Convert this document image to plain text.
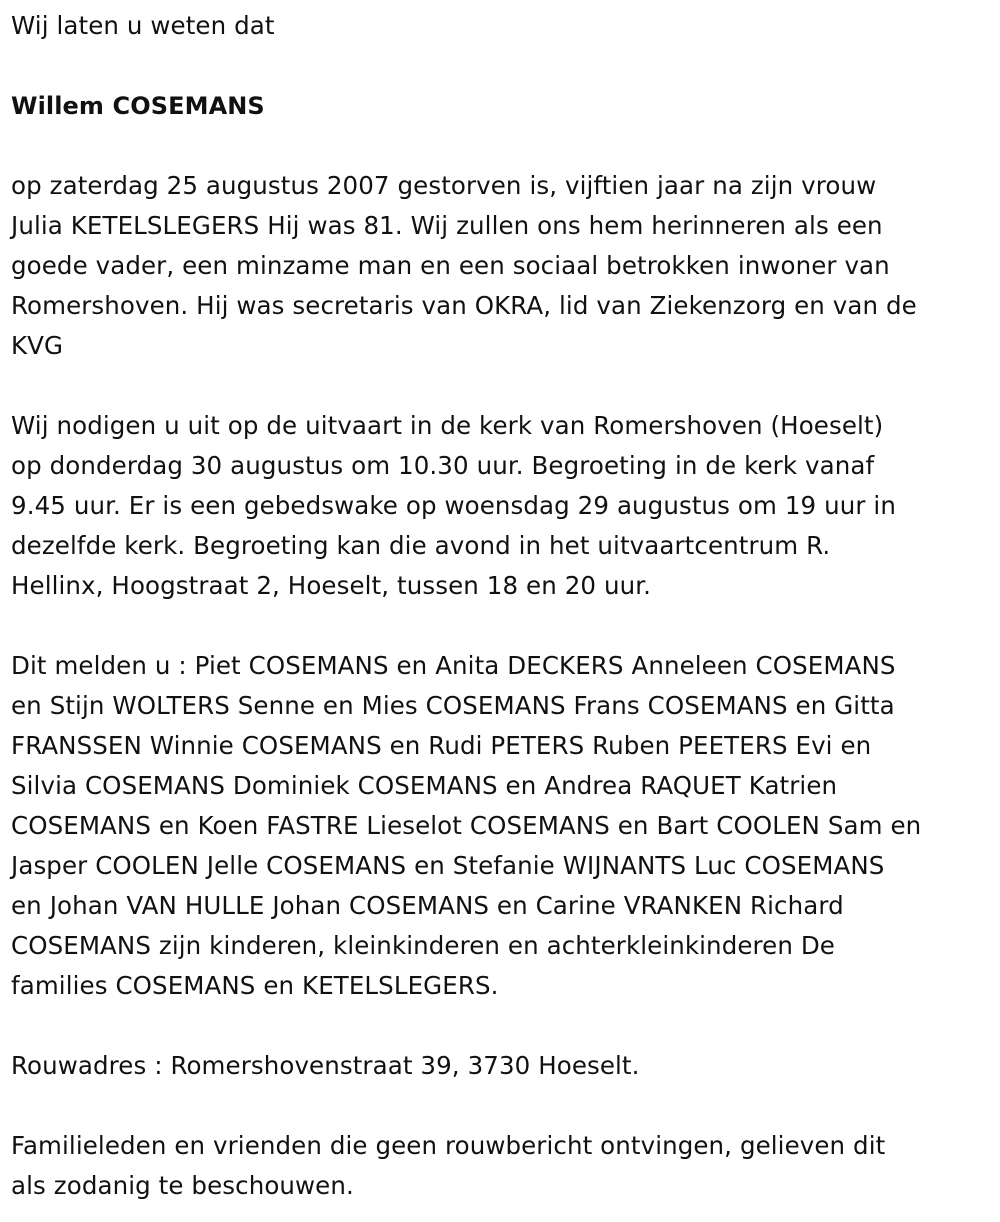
Wij laten u weten dat
Willem COSEMANS
op zaterdag 25 augustus 2007 gestorven is, vijftien jaar na zijn vrouw
Julia KETELSLEGERS Hij was 81. Wij zullen ons hem herinneren als een
goede vader, een minzame man en een sociaal betrokken inwoner van
Romershoven. Hij was secretaris van OKRA, lid van Ziekenzorg en van de
KVG
Wij nodigen u uit op de uitvaart in de kerk van Romershoven (Hoeselt)
op donderdag 30 augustus om 10.30 uur. Begroeting in de kerk vanaf
9.45 uur. Er is een gebedswake op woensdag 29 augustus om 19 uur in
dezelfde kerk. Begroeting kan die avond in het uitvaartcentrum R.
Hellinx, Hoogstraat 2, Hoeselt, tussen 18 en 20 uur.
Dit melden u : Piet COSEMANS en Anita DECKERS Anneleen COSEMANS
en Stijn WOLTERS Senne en Mies COSEMANS Frans COSEMANS en Gitta
FRANSSEN Winnie COSEMANS en Rudi PETERS Ruben PEETERS Evi en
Silvia COSEMANS Dominiek COSEMANS en Andrea RAQUET Katrien
COSEMANS en Koen FASTRE Lieselot COSEMANS en Bart COOLEN Sam en
Jasper COOLEN Jelle COSEMANS en Stefanie WIJNANTS Luc COSEMANS
en Johan VAN HULLE Johan COSEMANS en Carine VRANKEN Richard
COSEMANS zijn kinderen, kleinkinderen en achterkleinkinderen De
families COSEMANS en KETELSLEGERS.
Rouwadres : Romershovenstraat 39, 3730 Hoeselt.
Familieleden en vrienden die geen rouwbericht ontvingen, gelieven dit
als zodanig te beschouwen.
